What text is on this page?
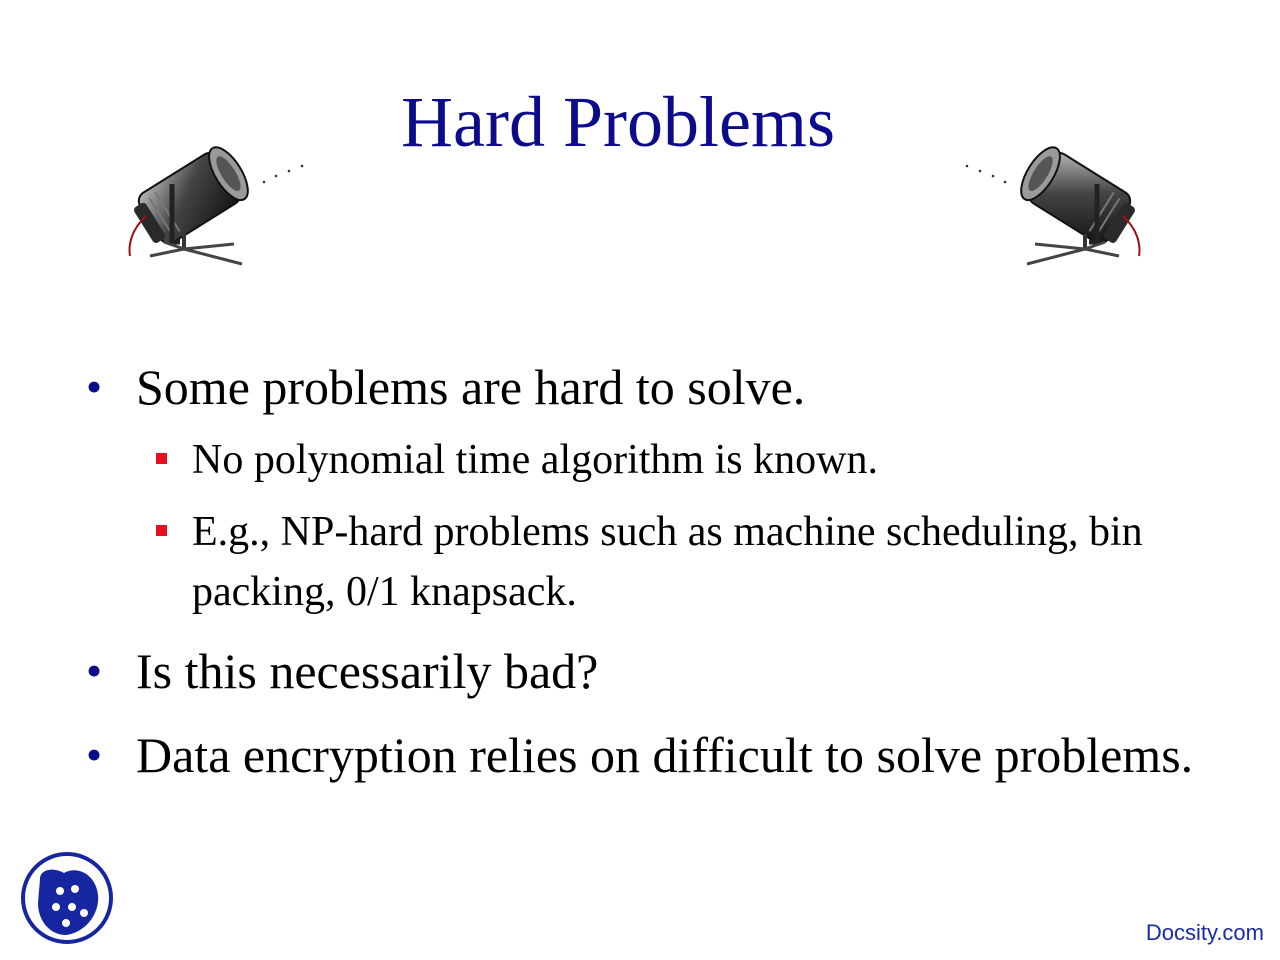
Hard Problems
• Some problems are hard to solve.
No polynomial time algorithm is known.
E.g., NP-hard problems such as machine scheduling, bin packing, 0/1 knapsack.
• Is this necessarily bad?
• Data encryption relies on difficult to solve problems.
Docsity.com
